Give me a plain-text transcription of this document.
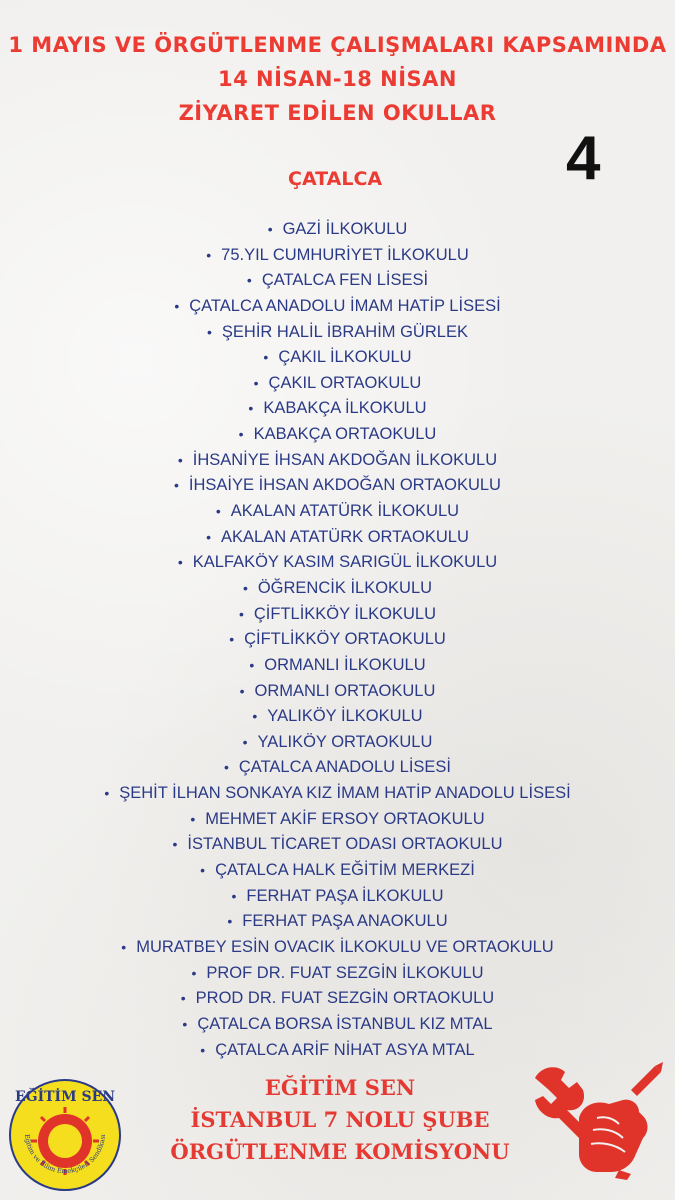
1 MAYIS VE ÖRGÜTLENME ÇALIŞMALARI KAPSAMINDA
14 NİSAN-18 NİSAN
ZİYARET EDİLEN OKULLAR
4
ÇATALCA
• GAZİ İLKOKULU
• 75.YIL CUMHURİYET İLKOKULU
• ÇATALCA FEN LİSESİ
• ÇATALCA ANADOLU İMAM HATİP LİSESİ
• ŞEHİR HALİL İBRAHİM GÜRLEK
• ÇAKIL İLKOKULU
• ÇAKIL ORTAOKULU
• KABAKÇA İLKOKULU
• KABAKÇA ORTAOKULU
• İHSANİYE İHSAN AKDOĞAN İLKOKULU
• İHSAİYE İHSAN AKDOĞAN ORTAOKULU
• AKALAN ATATÜRK İLKOKULU
• AKALAN ATATÜRK ORTAOKULU
• KALFAKÖY KASIM SARIGÜL İLKOKULU
• ÖĞRENCİK İLKOKULU
• ÇİFTLİKKÖY İLKOKULU
• ÇİFTLİKKÖY ORTAOKULU
• ORMANLI İLKOKULU
• ORMANLI ORTAOKULU
• YALIKÖY İLKOKULU
• YALIKÖY ORTAOKULU
• ÇATALCA ANADOLU LİSESİ
• ŞEHİT İLHAN SONKAYA KIZ İMAM HATİP ANADOLU LİSESİ
• MEHMET AKİF ERSOY ORTAOKULU
• İSTANBUL TİCARET ODASI ORTAOKULU
• ÇATALCA HALK EĞİTİM MERKEZİ
• FERHAT PAŞA İLKOKULU
• FERHAT PAŞA ANAOKULU
• MURATBEY ESİN OVACIK İLKOKULU VE ORTAOKULU
• PROF DR. FUAT SEZGİN İLKOKULU
• PROD DR. FUAT SEZGİN ORTAOKULU
• ÇATALCA BORSA İSTANBUL KIZ MTAL
• ÇATALCA ARİF NİHAT ASYA MTAL
EĞİTİM SEN
Eğitim ve Bilim Emekçileri Sendikası
EĞİTİM SEN
İSTANBUL 7 NOLU ŞUBE
ÖRGÜTLENME KOMİSYONU
